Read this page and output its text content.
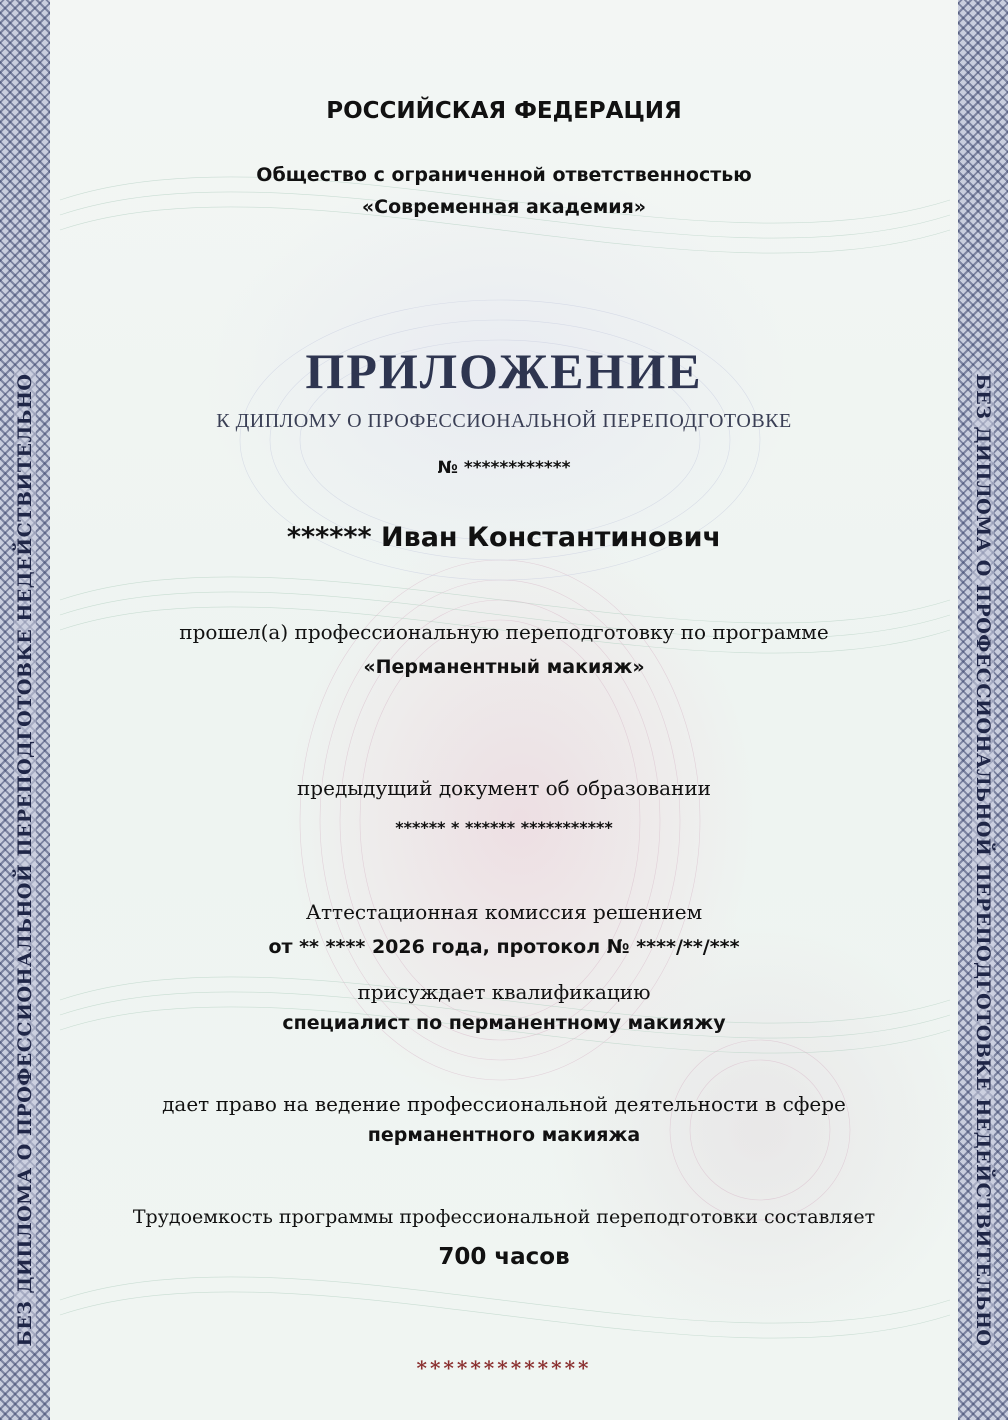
БЕЗ ДИПЛОМА О ПРОФЕССИОНАЛЬНОЙ ПЕРЕПОДГОТОВКЕ НЕДЕЙСТВИТЕЛЬНО	БЕЗ ДИПЛОМА О ПРОФЕССИОНАЛЬНОЙ ПЕРЕПОДГОТОВКЕ НЕДЕЙСТВИТЕЛЬНО
РОССИЙСКАЯ ФЕДЕРАЦИЯ
Общество с ограниченной ответственностью
«Современная академия»
ПРИЛОЖЕНИЕ
К ДИПЛОМУ О ПРОФЕССИОНАЛЬНОЙ ПЕРЕПОДГОТОВКЕ
№ ************
****** Иван Константинович
прошел(а) профессиональную переподготовку по программе
«Перманентный макияж»
предыдущий документ об образовании
****** * ****** ***********
Аттестационная комиссия решением
от ** **** 2026 года, протокол № ****/**/***
присуждает квалификацию
специалист по перманентному макияжу
дает право на ведение профессиональной деятельности в сфере
перманентного макияжа
Трудоемкость программы профессиональной переподготовки составляет
700 часов
*************
